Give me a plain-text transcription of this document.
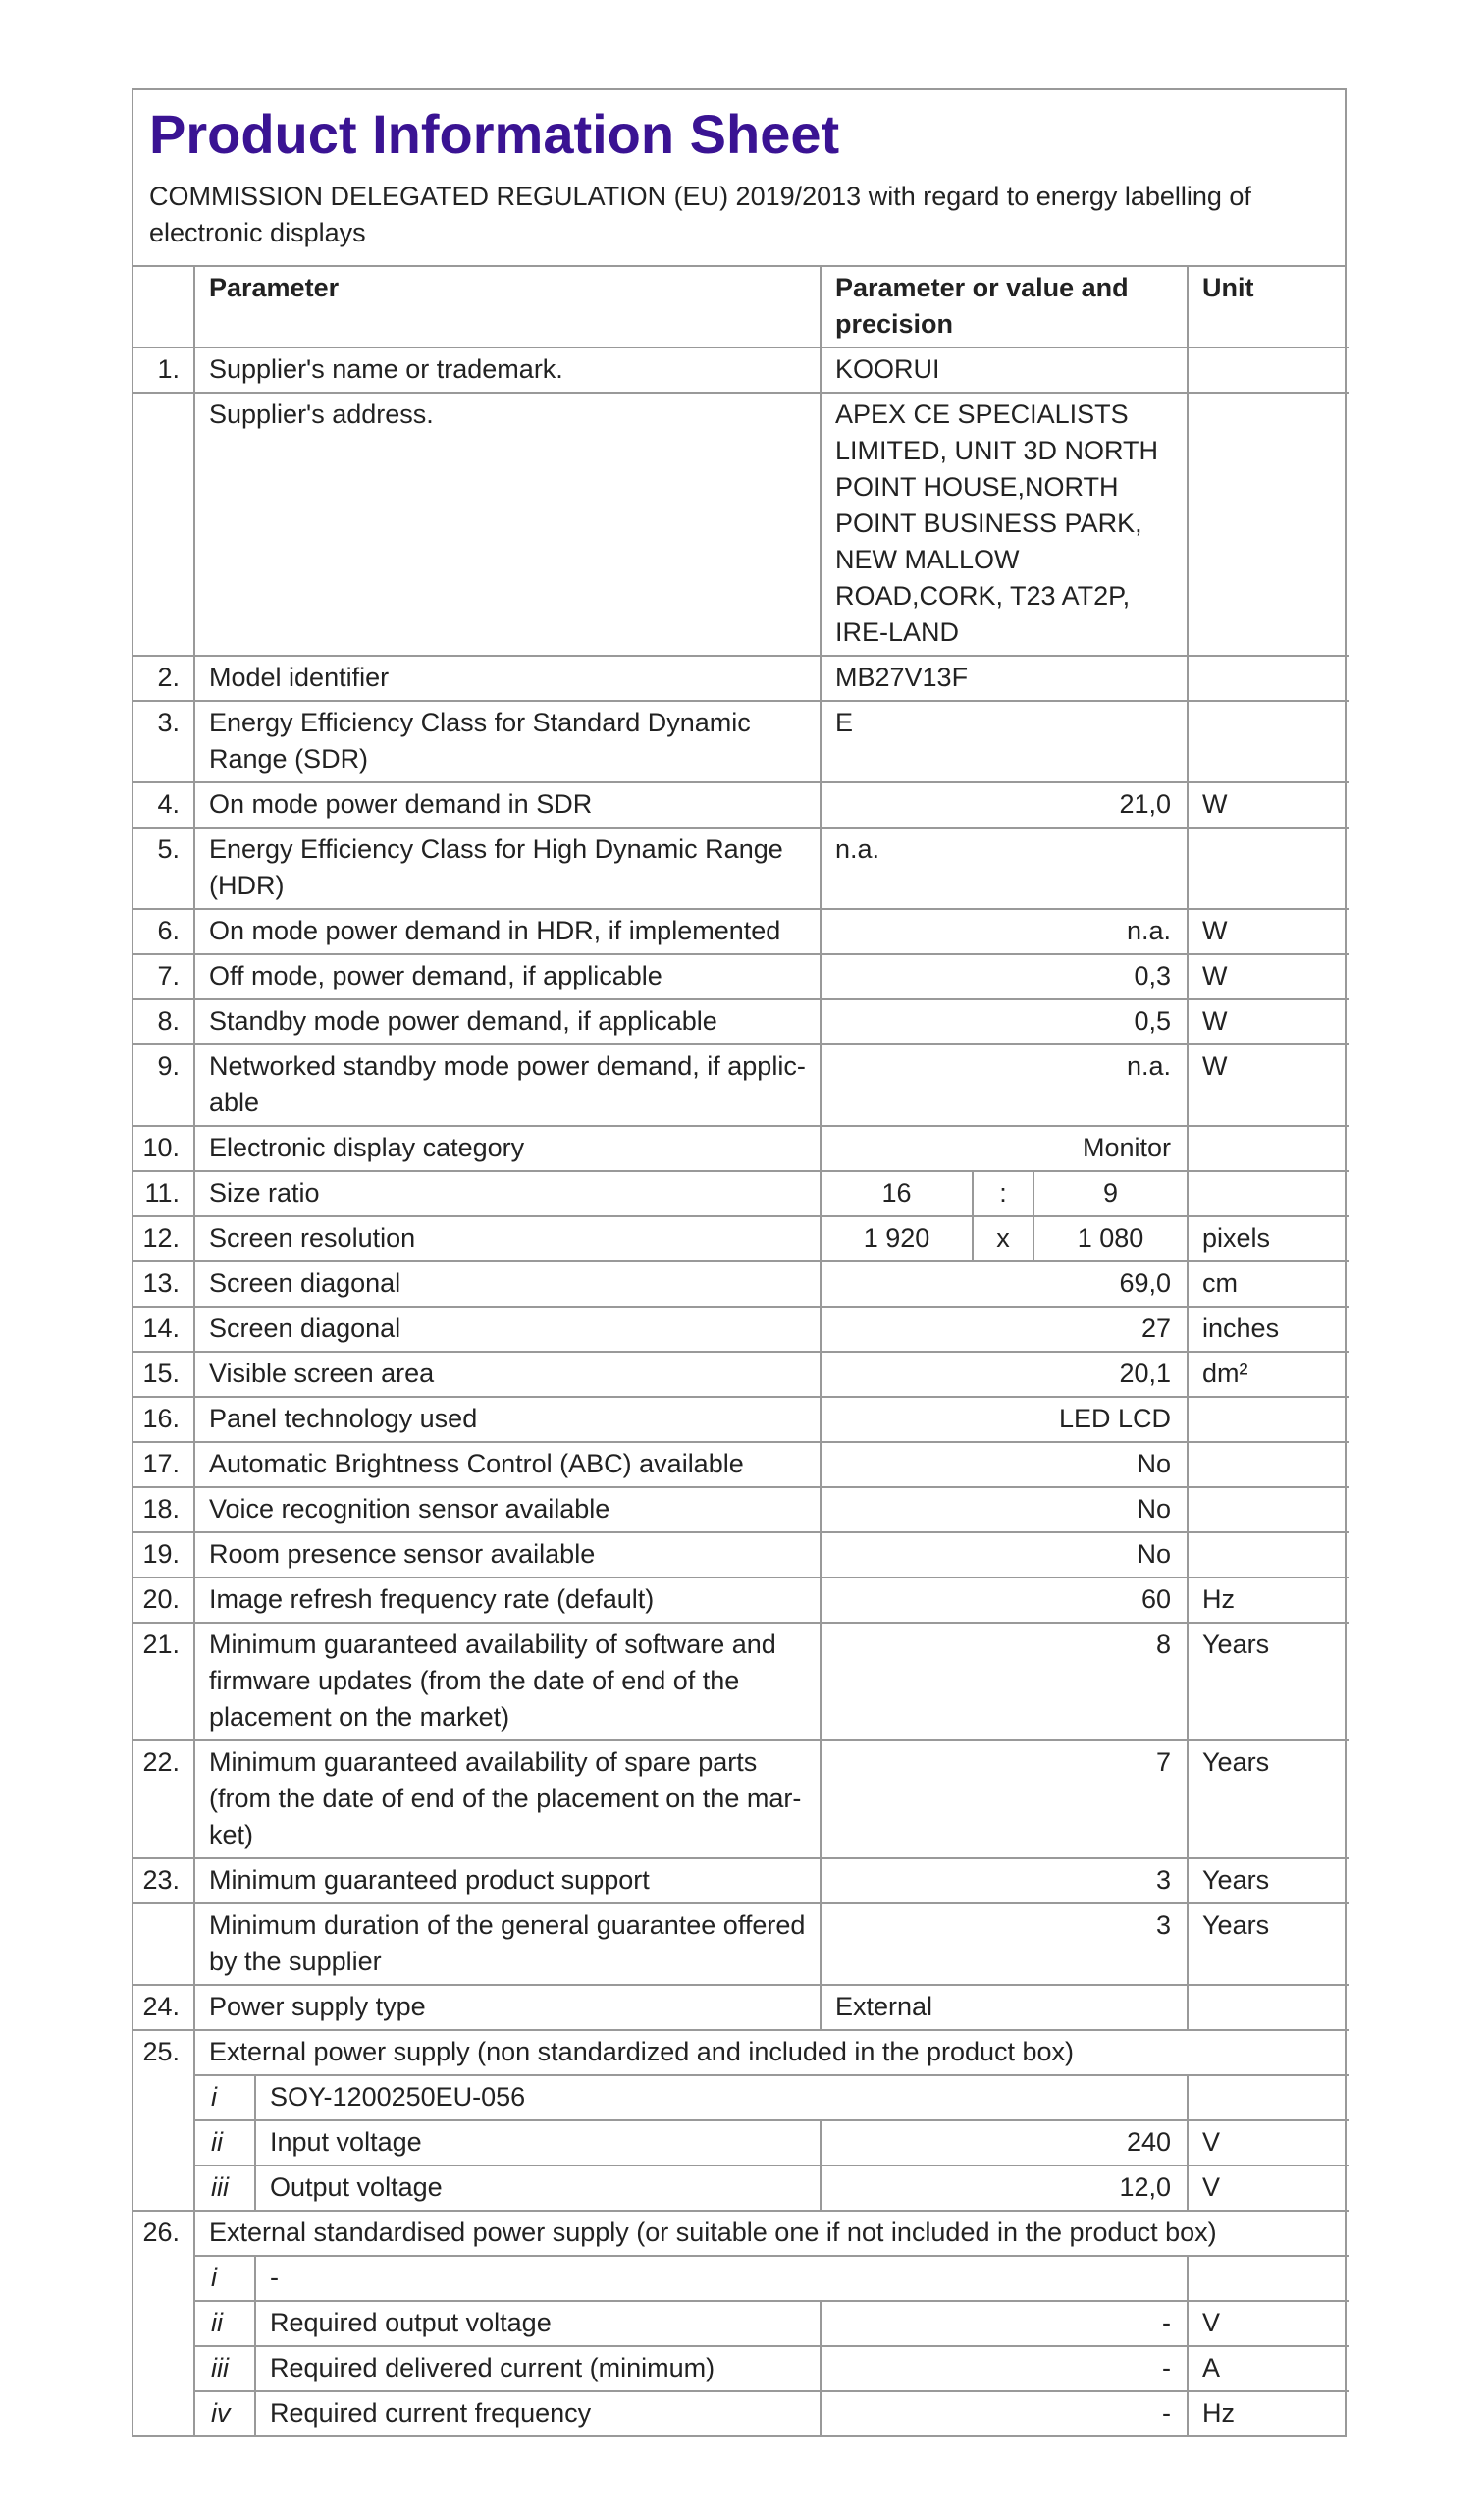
Product Information Sheet
COMMISSION DELEGATED REGULATION (EU) 2019/2013 with regard to energy labelling of electronic displays
	Parameter		Parameter or value and precision			Unit
1.	Supplier's name or trademark.		KOORUI			
	Supplier's address.		APEX CE SPECIALISTS LIMITED, UNIT 3D NORTH POINT HOUSE,NORTH POINT BUSINESS PARK, NEW MALLOW ROAD,CORK, T23 AT2P, IRE-LAND			
2.	Model identifier		MB27V13F			
3.	Energy Efficiency Class for Standard Dynamic Range (SDR)		E			
4.	On mode power demand in SDR		21,0			W
5.	Energy Efficiency Class for High Dynamic Range (HDR)		n.a.			
6.	On mode power demand in HDR, if implemented		n.a.			W
7.	Off mode, power demand, if applicable		0,3			W
8.	Standby mode power demand, if applicable		0,5			W
9.	Networked standby mode power demand, if applic-able		n.a.			W
10.	Electronic display category		Monitor			
11.	Size ratio		16	:	9	
12.	Screen resolution		1 920	x	1 080	pixels
13.	Screen diagonal		69,0			cm
14.	Screen diagonal		27			inches
15.	Visible screen area		20,1			dm²
16.	Panel technology used		LED LCD			
17.	Automatic Brightness Control (ABC) available		No			
18.	Voice recognition sensor available		No			
19.	Room presence sensor available		No			
20.	Image refresh frequency rate (default)		60			Hz
21.	Minimum guaranteed availability of software and firmware updates (from the date of end of the placement on the market)		8			Years
22.	Minimum guaranteed availability of spare parts (from the date of end of the placement on the mar-ket)		7			Years
23.	Minimum guaranteed product support		3			Years
	Minimum duration of the general guarantee offered by the supplier		3			Years
24.	Power supply type		External			
25.	External power supply (non standardized and included in the product box)					
	i	SOY-1200250EU-056				
	ii	Input voltage	240			V
	iii	Output voltage	12,0			V
26.	External standardised power supply (or suitable one if not included in the product box)					
	i	-				
	ii	Required output voltage	-			V
	iii	Required delivered current (minimum)	-			A
	iv	Required current frequency	-			Hz
